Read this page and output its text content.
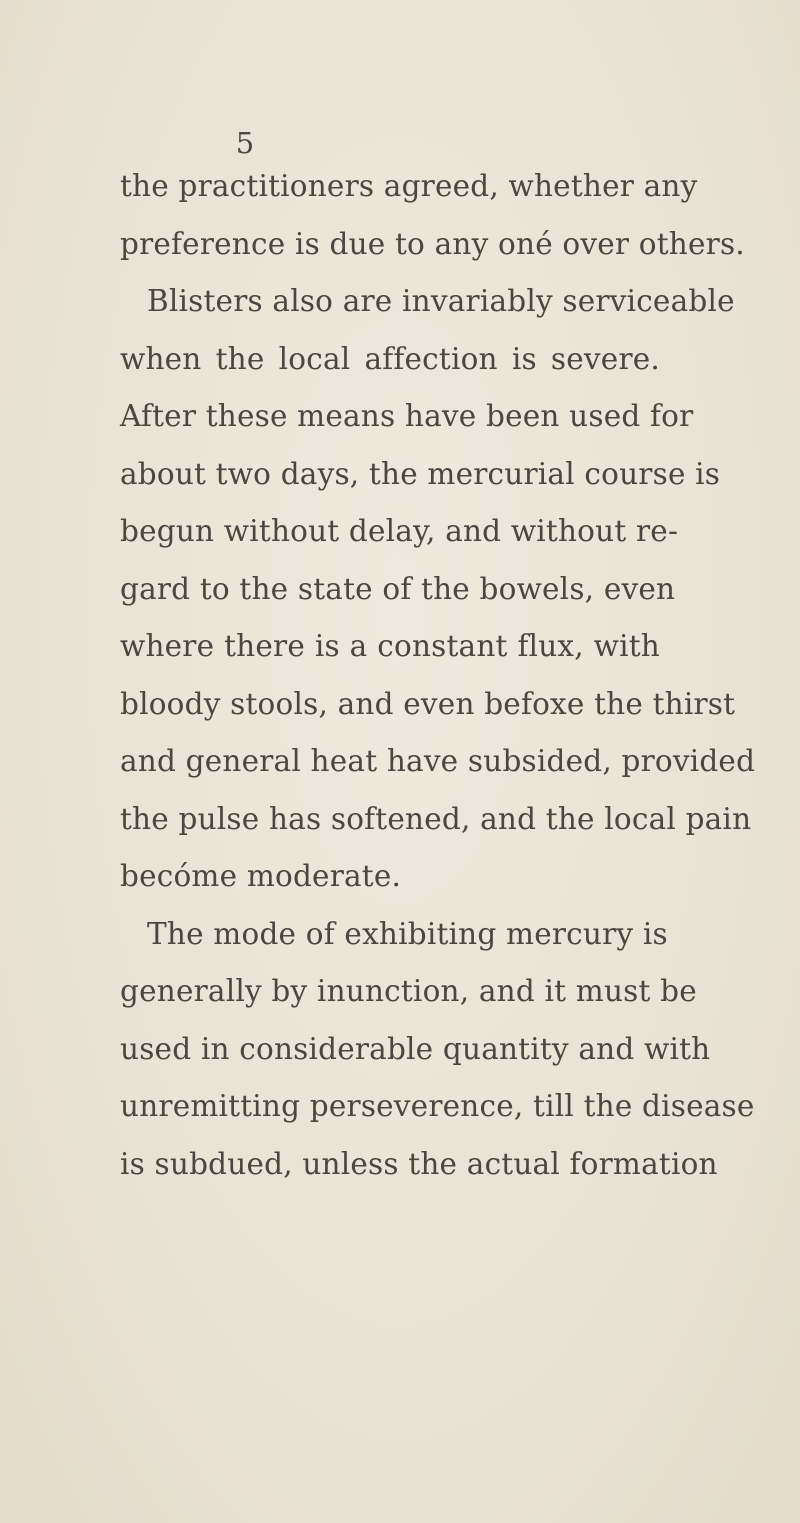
5
the practitioners agreed, whether any
preference is due to any oné over others.
Blisters also are invariably serviceable
when the local affection is severe.
After these means have been used for
about two days, the mercurial course is
begun without delay, and without re-
gard to the state of the bowels, even
where there is a constant flux, with
bloody stools, and even befoxe the thirst
and general heat have subsided, provided
the pulse has softened, and the local pain
becóme moderate.
The mode of exhibiting mercury is
generally by inunction, and it must be
used in considerable quantity and with
unremitting perseverence, till the disease
is subdued, unless the actual formation
